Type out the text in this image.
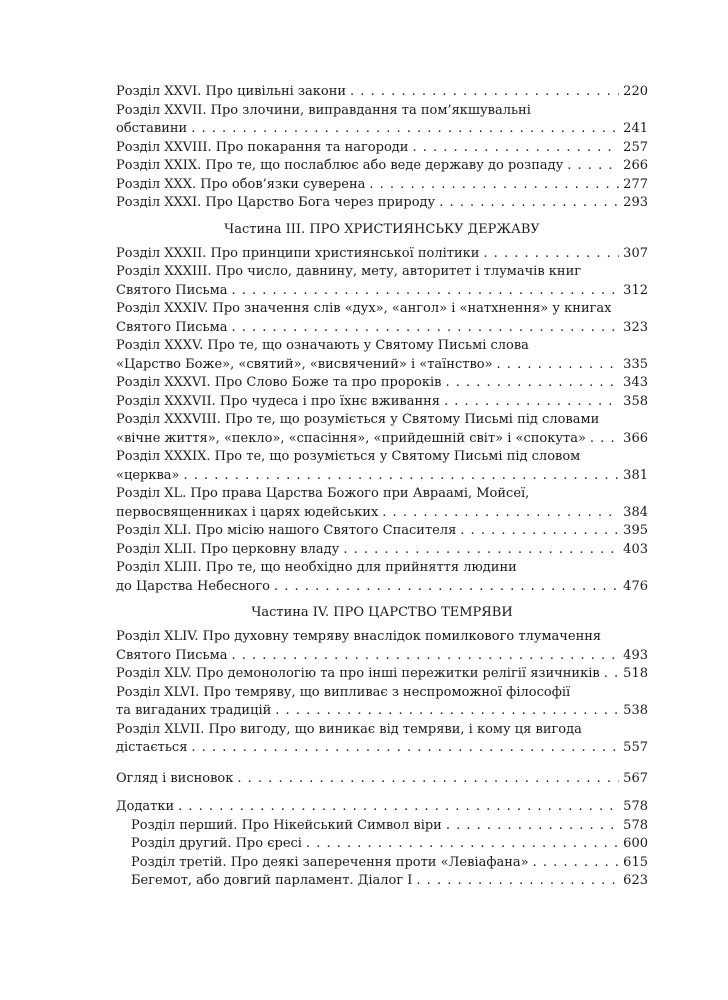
Розділ XXVI. Про цивільні закони . . .	220
Розділ XXVII. Про злочини, виправдання та пом’якшувальні
обставини . . .	241
Розділ XXVIII. Про покарання та нагороди . . .	257
Розділ XXIX. Про те, що послаблює або веде державу до розпаду . . .	266
Розділ XXX. Про обов’язки суверена . . .	277
Розділ XXXI. Про Царство Бога через природу . . .	293
Частина III. ПРО ХРИСТИЯНСЬКУ ДЕРЖАВУ
Розділ XXXII. Про принципи християнської політики . . .	307
Розділ XXXIII. Про число, давнину, мету, авторитет і тлумачів книг
Святого Письма . . .	312
Розділ XXXIV. Про значення слів «дух», «ангол» і «натхнення» у книгах
Святого Письма . . .	323
Розділ XXXV. Про те, що означають у Святому Письмі слова
«Царство Боже», «святий», «висвячений» і «таїнство» . . .	335
Розділ XXXVI. Про Слово Боже та про пророків . . .	343
Розділ XXXVII. Про чудеса і про їхнє вживання . . .	358
Розділ XXXVIII. Про те, що розуміється у Святому Письмі під словами
«вічне життя», «пекло», «спасіння», «прийдешній світ» і «спокута» . . .	366
Розділ XXXIX. Про те, що розуміється у Святому Письмі під словом
«церква» . . .	381
Розділ XL. Про права Царства Божого при Авраамі, Мойсеї,
первосвященниках і царях юдейських . . .	384
Розділ XLI. Про місію нашого Святого Спасителя . . .	395
Розділ XLII. Про церковну владу . . .	403
Розділ XLIII. Про те, що необхідно для прийняття людини
до Царства Небесного . . .	476
Частина IV. ПРО ЦАРСТВО ТЕМРЯВИ
Розділ XLIV. Про духовну темряву внаслідок помилкового тлумачення
Святого Письма . . .	493
Розділ XLV. Про демонологію та про інші пережитки релігії язичників . . . 518
Розділ XLVI. Про темряву, що випливає з неспроможної філософії
та вигаданих традицій . . .	538
Розділ XLVII. Про вигоду, що виникає від темряви, і кому ця вигода
дістається . . .	557
Огляд і висновок . . .	567
Додатки . . .	578
Розділ перший. Про Нікейський Символ віри . . .	578
Розділ другий. Про єресі . . .	600
Розділ третій. Про деякі заперечення проти «Левіафана» . . .	615
Бегемот, або довгий парламент. Діалог I . . .	623
